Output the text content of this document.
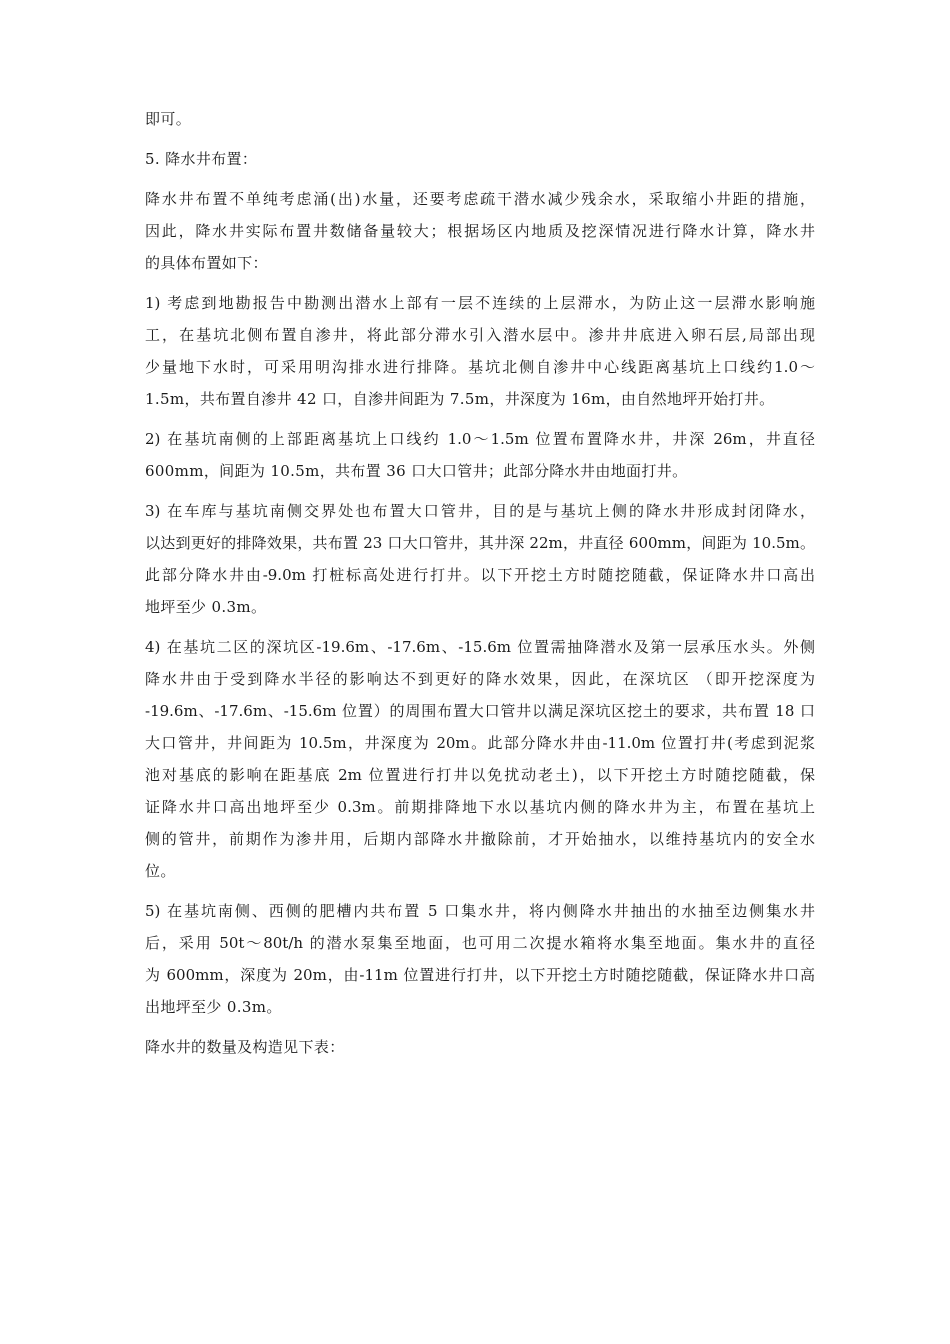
即可。
5. 降水井布置：
降水井布置不单纯考虑涌(出)水量，还要考虑疏干潜水减少残余水，采取缩小井距的措施，
因此，降水井实际布置井数储备量较大；根据场区内地质及挖深情况进行降水计算，降水井
的具体布置如下：
1) 考虑到地勘报告中勘测出潜水上部有一层不连续的上层滞水，为防止这一层滞水影响施
工，在基坑北侧布置自渗井，将此部分滞水引入潜水层中。渗井井底进入卵石层,局部出现
少量地下水时，可采用明沟排水进行排降。基坑北侧自渗井中心线距离基坑上口线约1.0～
1.5m，共布置自渗井 42 口，自渗井间距为 7.5m，井深度为 16m，由自然地坪开始打井。
2) 在基坑南侧的上部距离基坑上口线约 1.0～1.5m 位置布置降水井，井深 26m，井直径
600mm，间距为 10.5m，共布置 36 口大口管井；此部分降水井由地面打井。
3) 在车库与基坑南侧交界处也布置大口管井，目的是与基坑上侧的降水井形成封闭降水，
以达到更好的排降效果，共布置 23 口大口管井，其井深 22m，井直径 600mm，间距为 10.5m。
此部分降水井由-9.0m 打桩标高处进行打井。以下开挖土方时随挖随截，保证降水井口高出
地坪至少 0.3m。
4) 在基坑二区的深坑区-19.6m、-17.6m、-15.6m 位置需抽降潜水及第一层承压水头。外侧
降水井由于受到降水半径的影响达不到更好的降水效果，因此，在深坑区 （即开挖深度为
-19.6m、-17.6m、-15.6m 位置）的周围布置大口管井以满足深坑区挖土的要求，共布置 18 口
大口管井，井间距为 10.5m，井深度为 20m。此部分降水井由-11.0m 位置打井(考虑到泥浆
池对基底的影响在距基底 2m 位置进行打井以免扰动老土)，以下开挖土方时随挖随截，保
证降水井口高出地坪至少 0.3m。前期排降地下水以基坑内侧的降水井为主，布置在基坑上
侧的管井，前期作为渗井用，后期内部降水井撤除前，才开始抽水，以维持基坑内的安全水
位。
5) 在基坑南侧、西侧的肥槽内共布置 5 口集水井，将内侧降水井抽出的水抽至边侧集水井
后，采用 50t～80t/h 的潜水泵集至地面，也可用二次提水箱将水集至地面。集水井的直径
为 600mm，深度为 20m，由-11m 位置进行打井，以下开挖土方时随挖随截，保证降水井口高
出地坪至少 0.3m。
降水井的数量及构造见下表：
